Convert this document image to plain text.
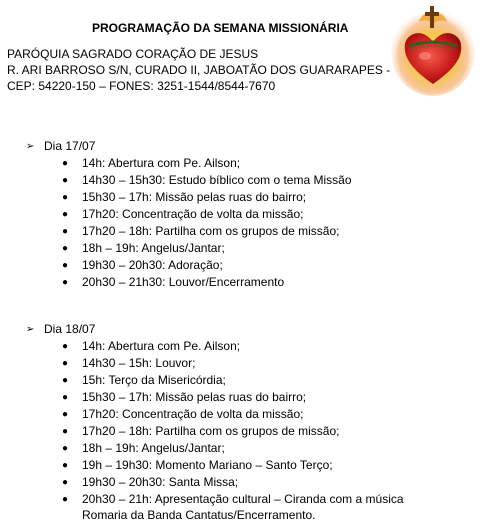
PROGRAMAÇÃO DA SEMANA MISSIONÁRIA
PARÓQUIA SAGRADO CORAÇÃO DE JESUS
R. ARI BARROSO S/N, CURADO II, JABOATÃO DOS GUARARAPES -
CEP: 54220-150 – FONES: 3251-1544/8544-7670
➢ Dia 17/07
● 14h: Abertura com Pe. Ailson;
● 14h30 – 15h30: Estudo bíblico com o tema Missão
● 15h30 – 17h: Missão pelas ruas do bairro;
● 17h20: Concentração de volta da missão;
● 17h20 – 18h: Partilha com os grupos de missão;
● 18h – 19h: Angelus/Jantar;
● 19h30 – 20h30: Adoração;
● 20h30 – 21h30: Louvor/Encerramento
➢ Dia 18/07
● 14h: Abertura com Pe. Ailson;
● 14h30 – 15h: Louvor;
● 15h: Terço da Misericórdia;
● 15h30 – 17h: Missão pelas ruas do bairro;
● 17h20: Concentração de volta da missão;
● 17h20 – 18h: Partilha com os grupos de missão;
● 18h – 19h: Angelus/Jantar;
● 19h – 19h30: Momento Mariano – Santo Terço;
● 19h30 – 20h30: Santa Missa;
● 20h30 – 21h: Apresentação cultural – Ciranda com a música Romaria da Banda Cantatus/Encerramento.
